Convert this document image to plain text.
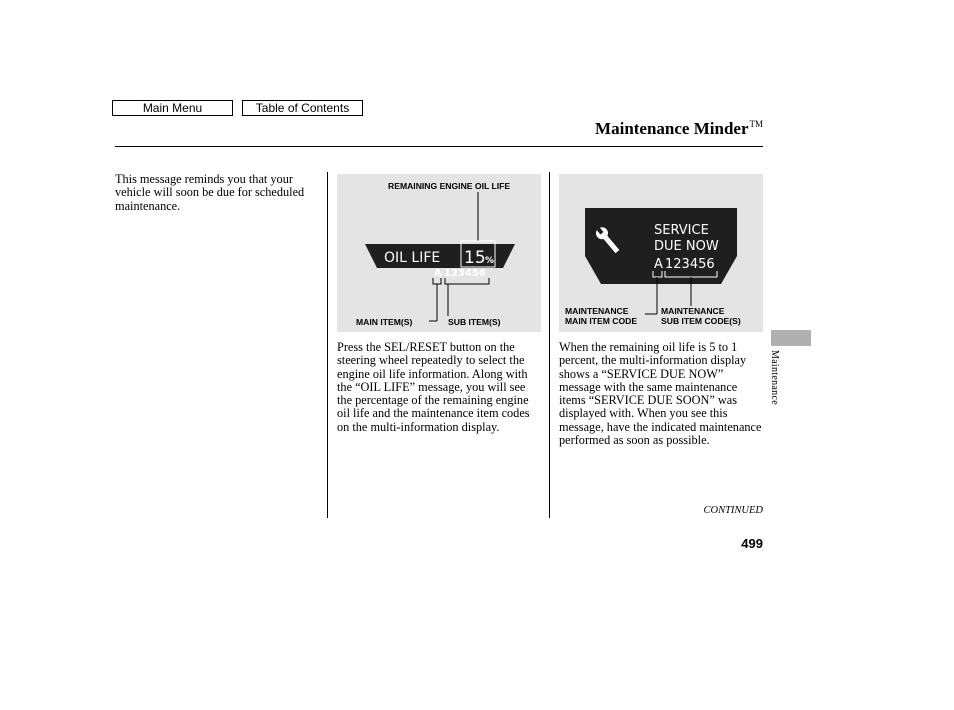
Main Menu	Table of Contents
Maintenance Minder™
This message reminds you that your vehicle will soon be due for scheduled maintenance.
OIL LIFE 15 %
A 123456
REMAINING ENGINE OIL LIFE
MAIN ITEM(S)	SUB ITEM(S)
SERVICE
DUE NOW
A 123456
MAINTENANCE
MAIN ITEM CODE
MAINTENANCE
SUB ITEM CODE(S)
Press the SEL/RESET button on the steering wheel repeatedly to select the engine oil life information. Along with the “OIL LIFE” message, you will see the percentage of the remaining engine oil life and the maintenance item codes on the multi-information display.
When the remaining oil life is 5 to 1 percent, the multi-information display shows a “SERVICE DUE NOW” message with the same maintenance items “SERVICE DUE SOON” was displayed with. When you see this message, have the indicated maintenance performed as soon as possible.
CONTINUED
499
Maintenance
